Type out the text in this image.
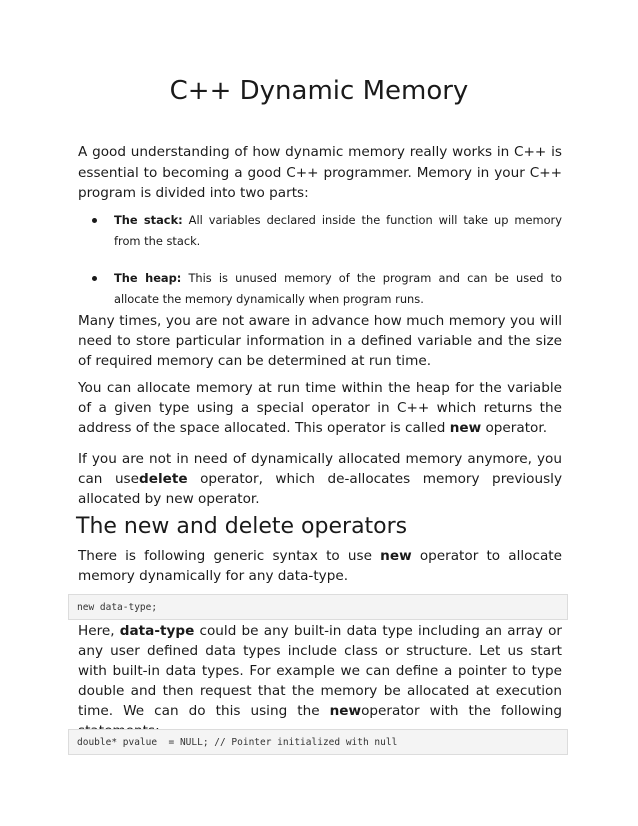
C++ Dynamic Memory

A good understanding of how dynamic memory really works in C++ is essential to becoming a good C++ programmer. Memory in your C++ program is divided into two parts:

The stack: All variables declared inside the function will take up memory from the stack.
The heap: This is unused memory of the program and can be used to allocate the memory dynamically when program runs.

Many times, you are not aware in advance how much memory you will need to store particular information in a defined variable and the size of required memory can be determined at run time.

You can allocate memory at run time within the heap for the variable of a given type using a special operator in C++ which returns the address of the space allocated. This operator is called new operator.

If you are not in need of dynamically allocated memory anymore, you can usedelete operator, which de-allocates memory previously allocated by new operator.

The new and delete operators

There is following generic syntax to use new operator to allocate memory dynamically for any data-type.

new data-type;

Here, data-type could be any built-in data type including an array or any user defined data types include class or structure. Let us start with built-in data types. For example we can define a pointer to type double and then request that the memory be allocated at execution time. We can do this using the newoperator with the following

double* pvalue  = NULL; // Pointer initialized with null
